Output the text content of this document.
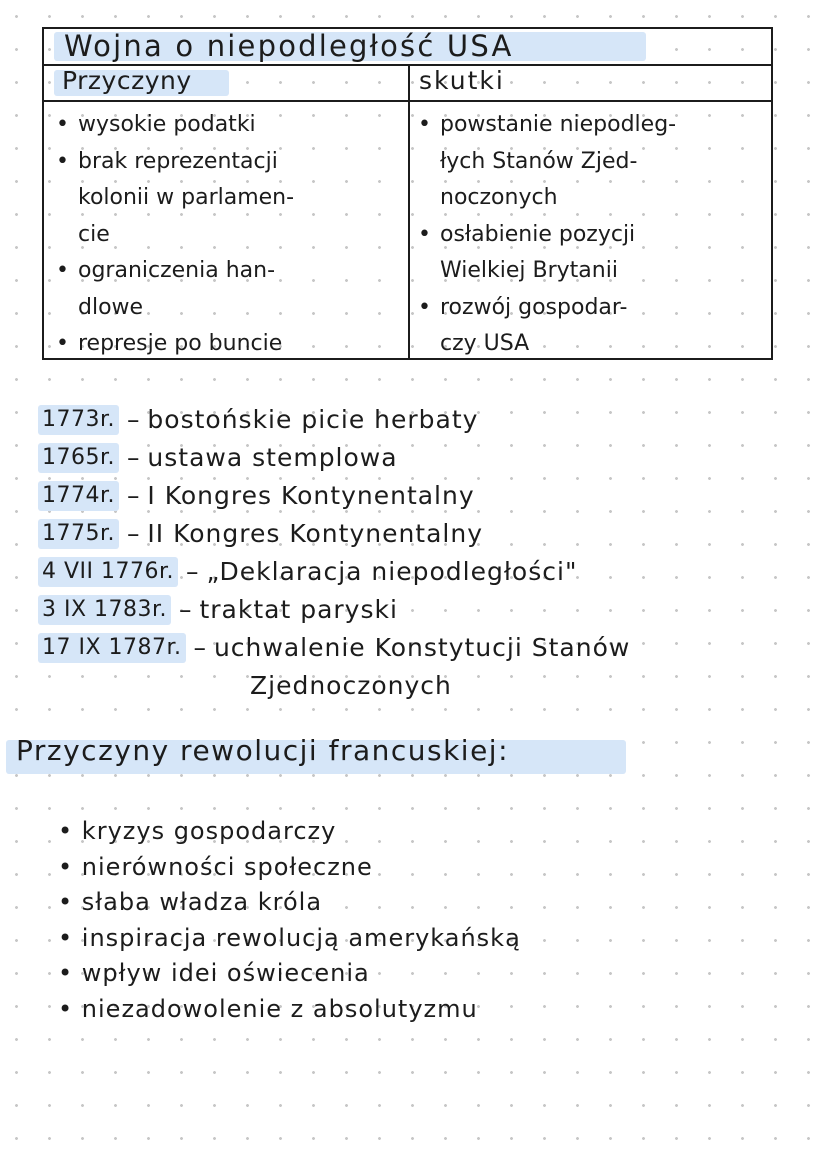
Wojna o niepodległość USA
Przyczyny	skutki
• wysokie podatki
• brak reprezentacji
kolonii w parlamen-
cie
• ograniczenia han-
dlowe
• represje po buncie
• powstanie niepodleg-
łych Stanów Zjed-
noczonych
• osłabienie pozycji
Wielkiej Brytanii
• rozwój gospodar-
czy USA
1773r. – bostońskie picie herbaty
1765r. – ustawa stemplowa
1774r. – I Kongres Kontynentalny
1775r. – II Kongres Kontynentalny
4 VII 1776r. – „Deklaracja niepodległości"
3 IX 1783r. – traktat paryski
17 IX 1787r. – uchwalenie Konstytucji Stanów
Zjednoczonych
Przyczyny rewolucji francuskiej:
• kryzys gospodarczy
• nierówności społeczne
• słaba władza króla
• inspiracja rewolucją amerykańską
• wpływ idei oświecenia
• niezadowolenie z absolutyzmu
